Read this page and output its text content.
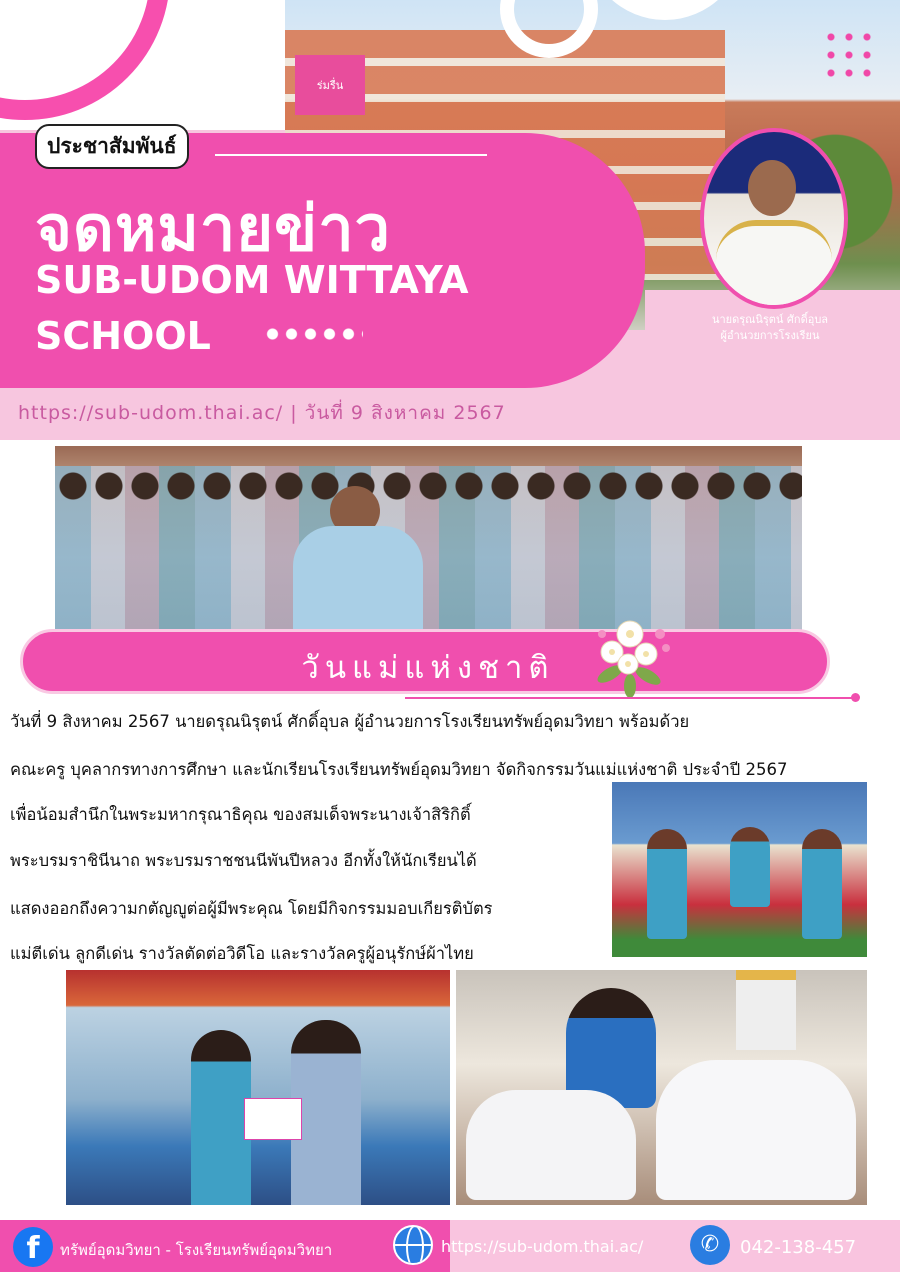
ร่มรื่น
ประชาสัมพันธ์
จดหมายข่าว
SUB-UDOM WITTAYA
SCHOOL	นายดรุณนิรุตน์ ศักดิ์อุบล
ผู้อำนวยการโรงเรียน
https://sub-udom.thai.ac/ | วันที่ 9 สิงหาคม 2567
วันแม่แห่งชาติ
วันที่ 9 สิงหาคม 2567 นายดรุณนิรุตน์ ศักดิ์อุบล ผู้อำนวยการโรงเรียนทรัพย์อุดมวิทยา พร้อมด้วย
คณะครู บุคลากรทางการศึกษา และนักเรียนโรงเรียนทรัพย์อุดมวิทยา จัดกิจกรรมวันแม่แห่งชาติ ประจำปี 2567
เพื่อน้อมสำนึกในพระมหากรุณาธิคุณ ของสมเด็จพระนางเจ้าสิริกิติ์
พระบรมราชินีนาถ พระบรมราชชนนีพันปีหลวง อีกทั้งให้นักเรียนได้
แสดงออกถึงความกตัญญูต่อผู้มีพระคุณ โดยมีกิจกรรมมอบเกียรติบัตร
แม่ตีเด่น ลูกดีเด่น รางวัลตัดต่อวิดีโอ และรางวัลครูผู้อนุรักษ์ผ้าไทย
f	ทรัพย์อุดมวิทยา - โรงเรียนทรัพย์อุดมวิทยา	https://sub-udom.thai.ac/	✆	042-138-457
